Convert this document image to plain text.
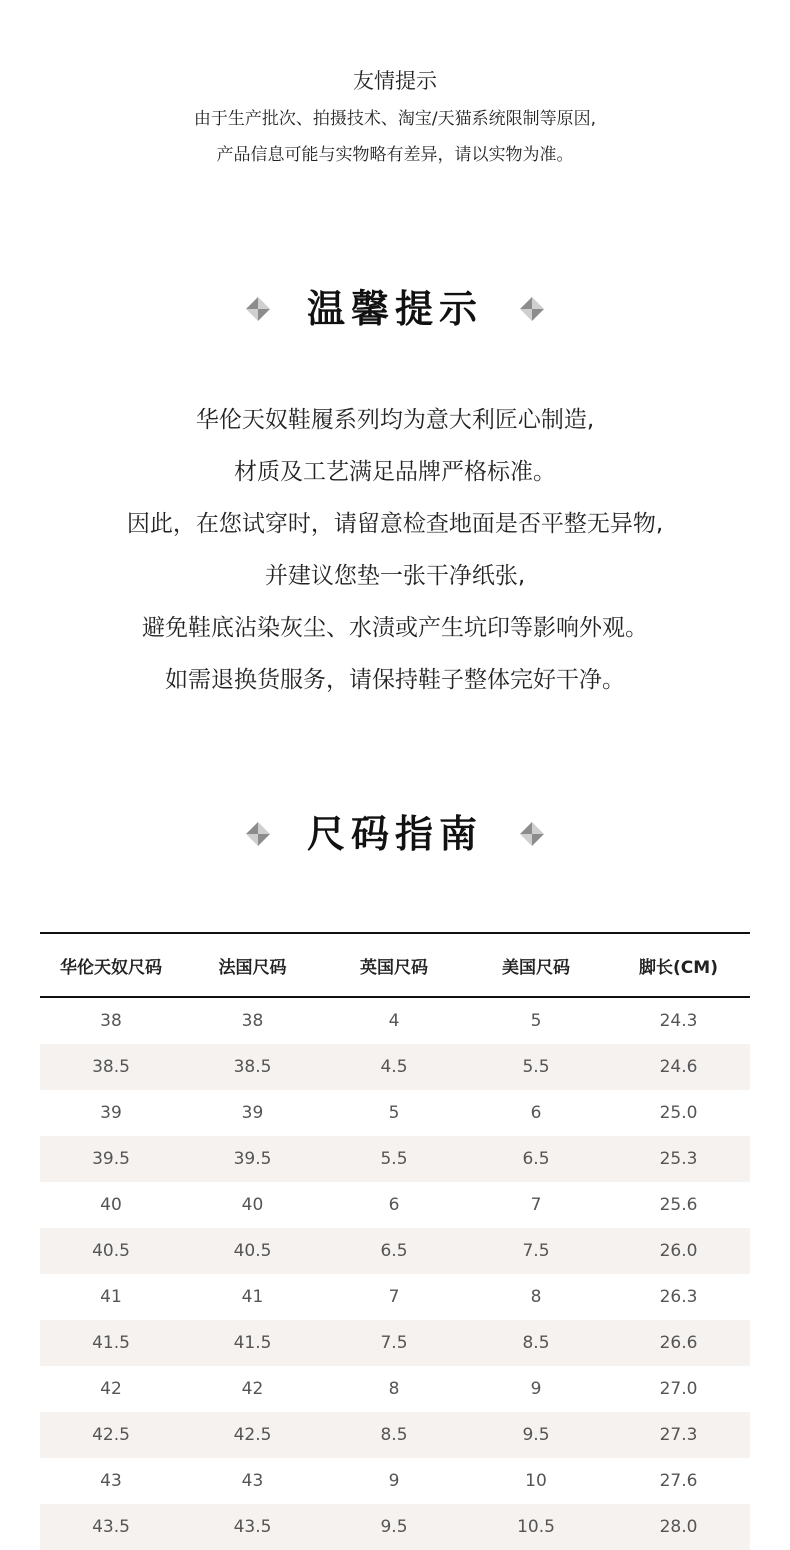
友情提示
由于生产批次、拍摄技术、淘宝/天猫系统限制等原因,
产品信息可能与实物略有差异，请以实物为准。
温馨提示
华伦天奴鞋履系列均为意大利匠心制造,
材质及工艺满足品牌严格标准。
因此，在您试穿时，请留意检查地面是否平整无异物,
并建议您垫一张干净纸张,
避免鞋底沾染灰尘、水渍或产生坑印等影响外观。
如需退换货服务，请保持鞋子整体完好干净。
尺码指南
华伦天奴尺码	法国尺码	英国尺码	美国尺码	脚长(CM)
38	38	4	5	24.3
38.5	38.5	4.5	5.5	24.6
39	39	5	6	25.0
39.5	39.5	5.5	6.5	25.3
40	40	6	7	25.6
40.5	40.5	6.5	7.5	26.0
41	41	7	8	26.3
41.5	41.5	7.5	8.5	26.6
42	42	8	9	27.0
42.5	42.5	8.5	9.5	27.3
43	43	9	10	27.6
43.5	43.5	9.5	10.5	28.0
